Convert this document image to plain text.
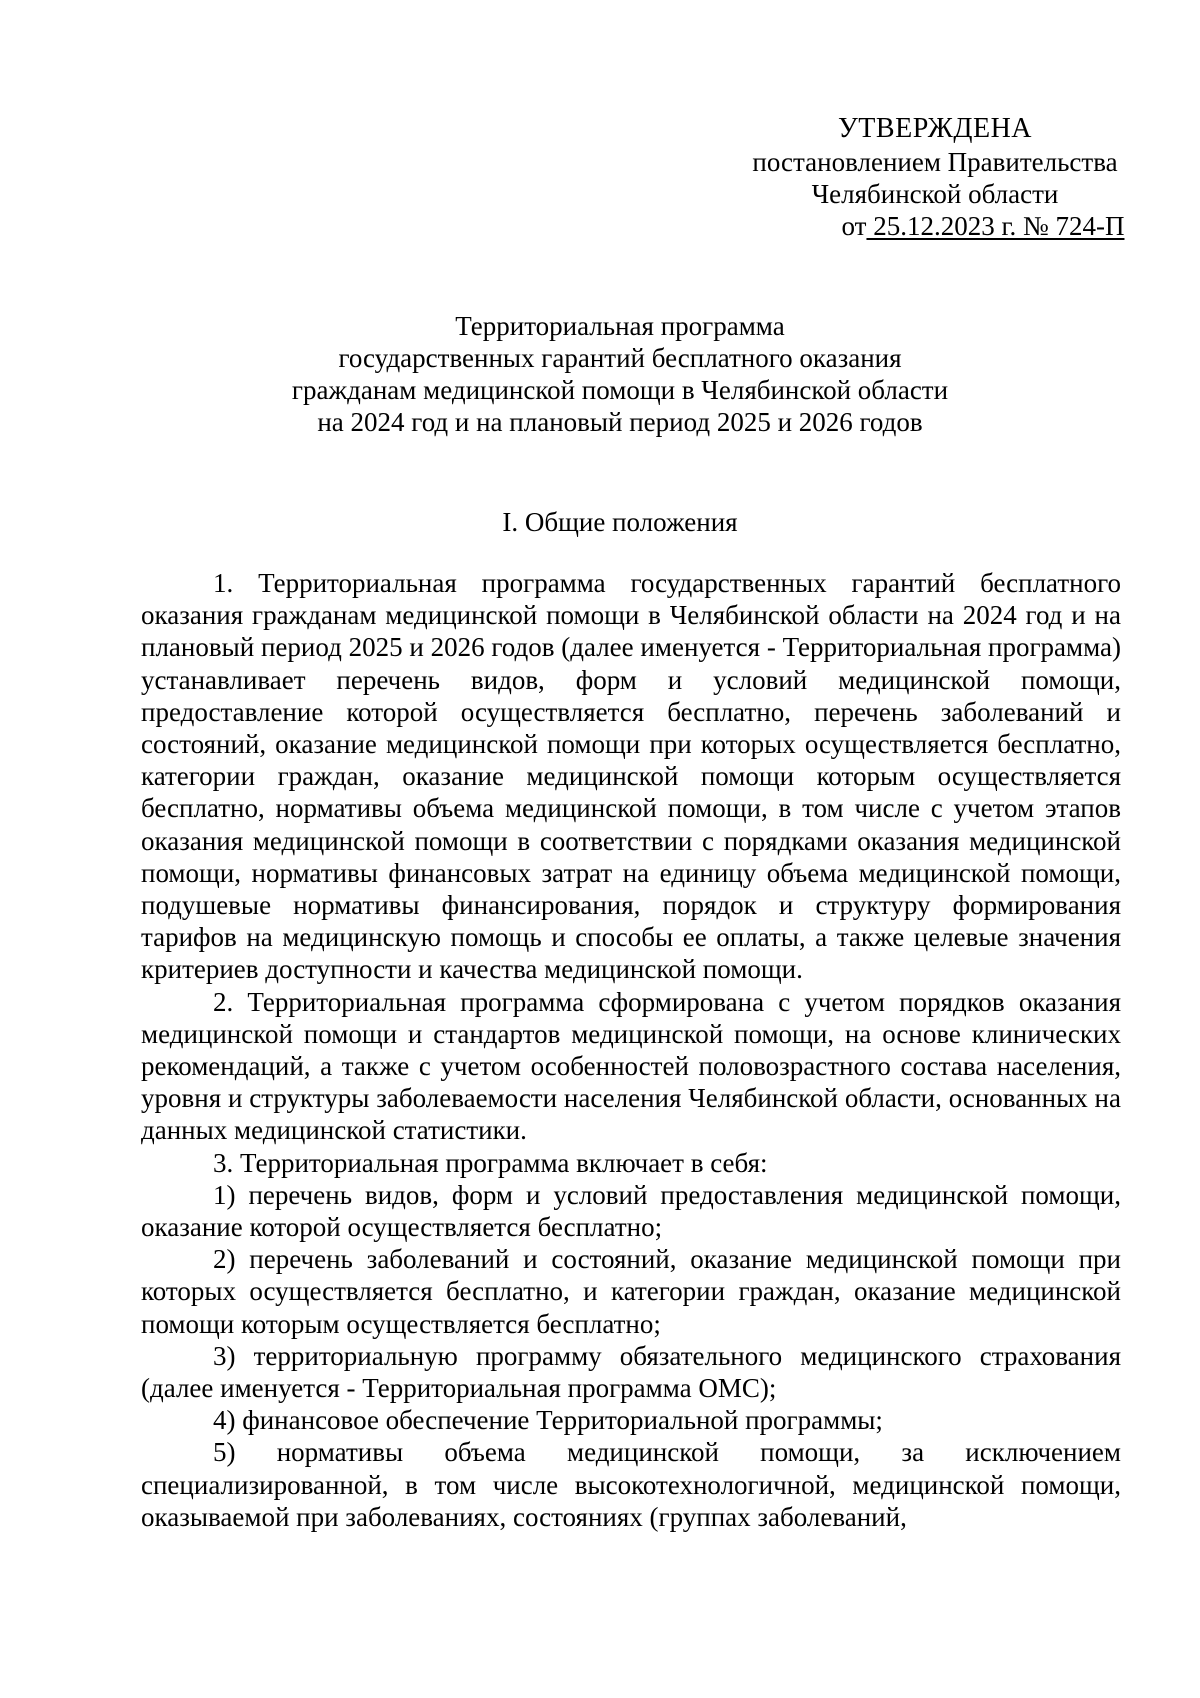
УТВЕРЖДЕНА
постановлением Правительства
Челябинской области
от 25.12.2023 г. № 724-П
Территориальная программа
государственных гарантий бесплатного оказания
гражданам медицинской помощи в Челябинской области
на 2024 год и на плановый период 2025 и 2026 годов
I. Общие положения

1. Территориальная программа государственных гарантий бесплатного оказания гражданам медицинской помощи в Челябинской области на 2024 год и на плановый период 2025 и 2026 годов (далее именуется - Территориальная программа) устанавливает перечень видов, форм и условий медицинской помощи, предоставление которой осуществляется бесплатно, перечень заболеваний и состояний, оказание медицинской помощи при которых осуществляется бесплатно, категории граждан, оказание медицинской помощи которым осуществляется бесплатно, нормативы объема медицинской помощи, в том числе с учетом этапов оказания медицинской помощи в соответствии с порядками оказания медицинской помощи, нормативы финансовых затрат на единицу объема медицинской помощи, подушевые нормативы финансирования, порядок и структуру формирования тарифов на медицинскую помощь и способы ее оплаты, а также целевые значения критериев доступности и качества медицинской помощи.

2. Территориальная программа сформирована с учетом порядков оказания медицинской помощи и стандартов медицинской помощи, на основе клинических рекомендаций, а также с учетом особенностей половозрастного состава населения, уровня и структуры заболеваемости населения Челябинской области, основанных на данных медицинской статистики.

3. Территориальная программа включает в себя:

1) перечень видов, форм и условий предоставления медицинской помощи, оказание которой осуществляется бесплатно;

2) перечень заболеваний и состояний, оказание медицинской помощи при которых осуществляется бесплатно, и категории граждан, оказание медицинской помощи которым осуществляется бесплатно;

3) территориальную программу обязательного медицинского страхования (далее именуется - Территориальная программа ОМС);

4) финансовое обеспечение Территориальной программы;

5) нормативы объема медицинской помощи, за исключением специализированной, в том числе высокотехнологичной, медицинской помощи, оказываемой при заболеваниях, состояниях (группах заболеваний,
